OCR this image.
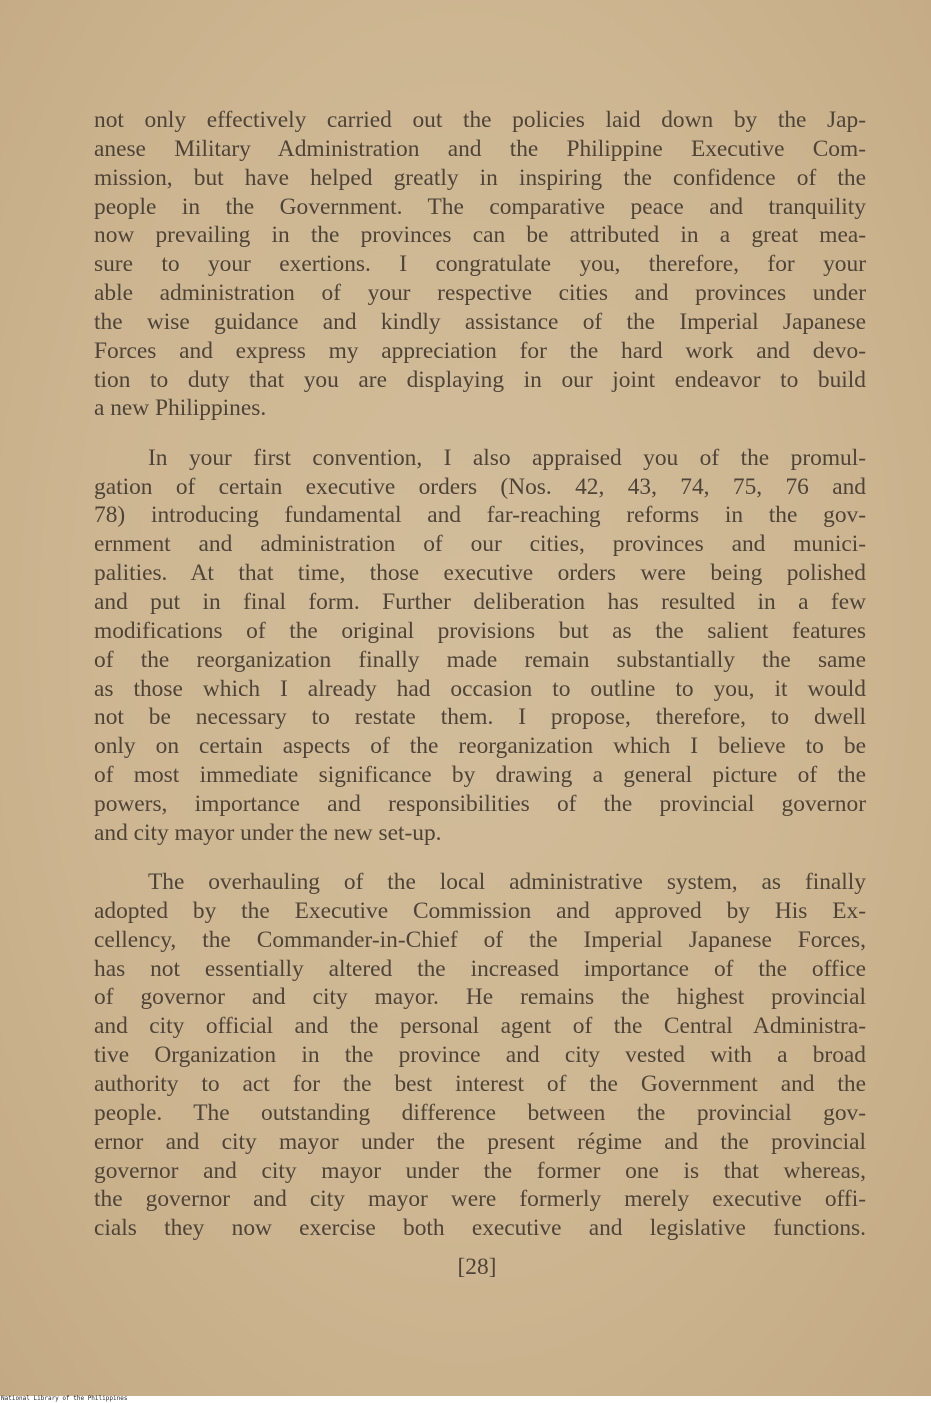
not only effectively carried out the policies laid down by the Jap-
anese Military Administration and the Philippine Executive Com-
mission, but have helped greatly in inspiring the confidence of the
people in the Government. The comparative peace and tranquility
now prevailing in the provinces can be attributed in a great mea-
sure to your exertions. I congratulate you, therefore, for your
able administration of your respective cities and provinces under
the wise guidance and kindly assistance of the Imperial Japanese
Forces and express my appreciation for the hard work and devo-
tion to duty that you are displaying in our joint endeavor to build
a new Philippines.
In your first convention, I also appraised you of the promul-
gation of certain executive orders (Nos. 42, 43, 74, 75, 76 and
78) introducing fundamental and far-reaching reforms in the gov-
ernment and administration of our cities, provinces and munici-
palities. At that time, those executive orders were being polished
and put in final form. Further deliberation has resulted in a few
modifications of the original provisions but as the salient features
of the reorganization finally made remain substantially the same
as those which I already had occasion to outline to you, it would
not be necessary to restate them. I propose, therefore, to dwell
only on certain aspects of the reorganization which I believe to be
of most immediate significance by drawing a general picture of the
powers, importance and responsibilities of the provincial governor
and city mayor under the new set-up.
The overhauling of the local administrative system, as finally
adopted by the Executive Commission and approved by His Ex-
cellency, the Commander-in-Chief of the Imperial Japanese Forces,
has not essentially altered the increased importance of the office
of governor and city mayor. He remains the highest provincial
and city official and the personal agent of the Central Administra-
tive Organization in the province and city vested with a broad
authority to act for the best interest of the Government and the
people. The outstanding difference between the provincial gov-
ernor and city mayor under the present régime and the provincial
governor and city mayor under the former one is that whereas,
the governor and city mayor were formerly merely executive offi-
cials they now exercise both executive and legislative functions.
[28]
National Library of the Philippines
